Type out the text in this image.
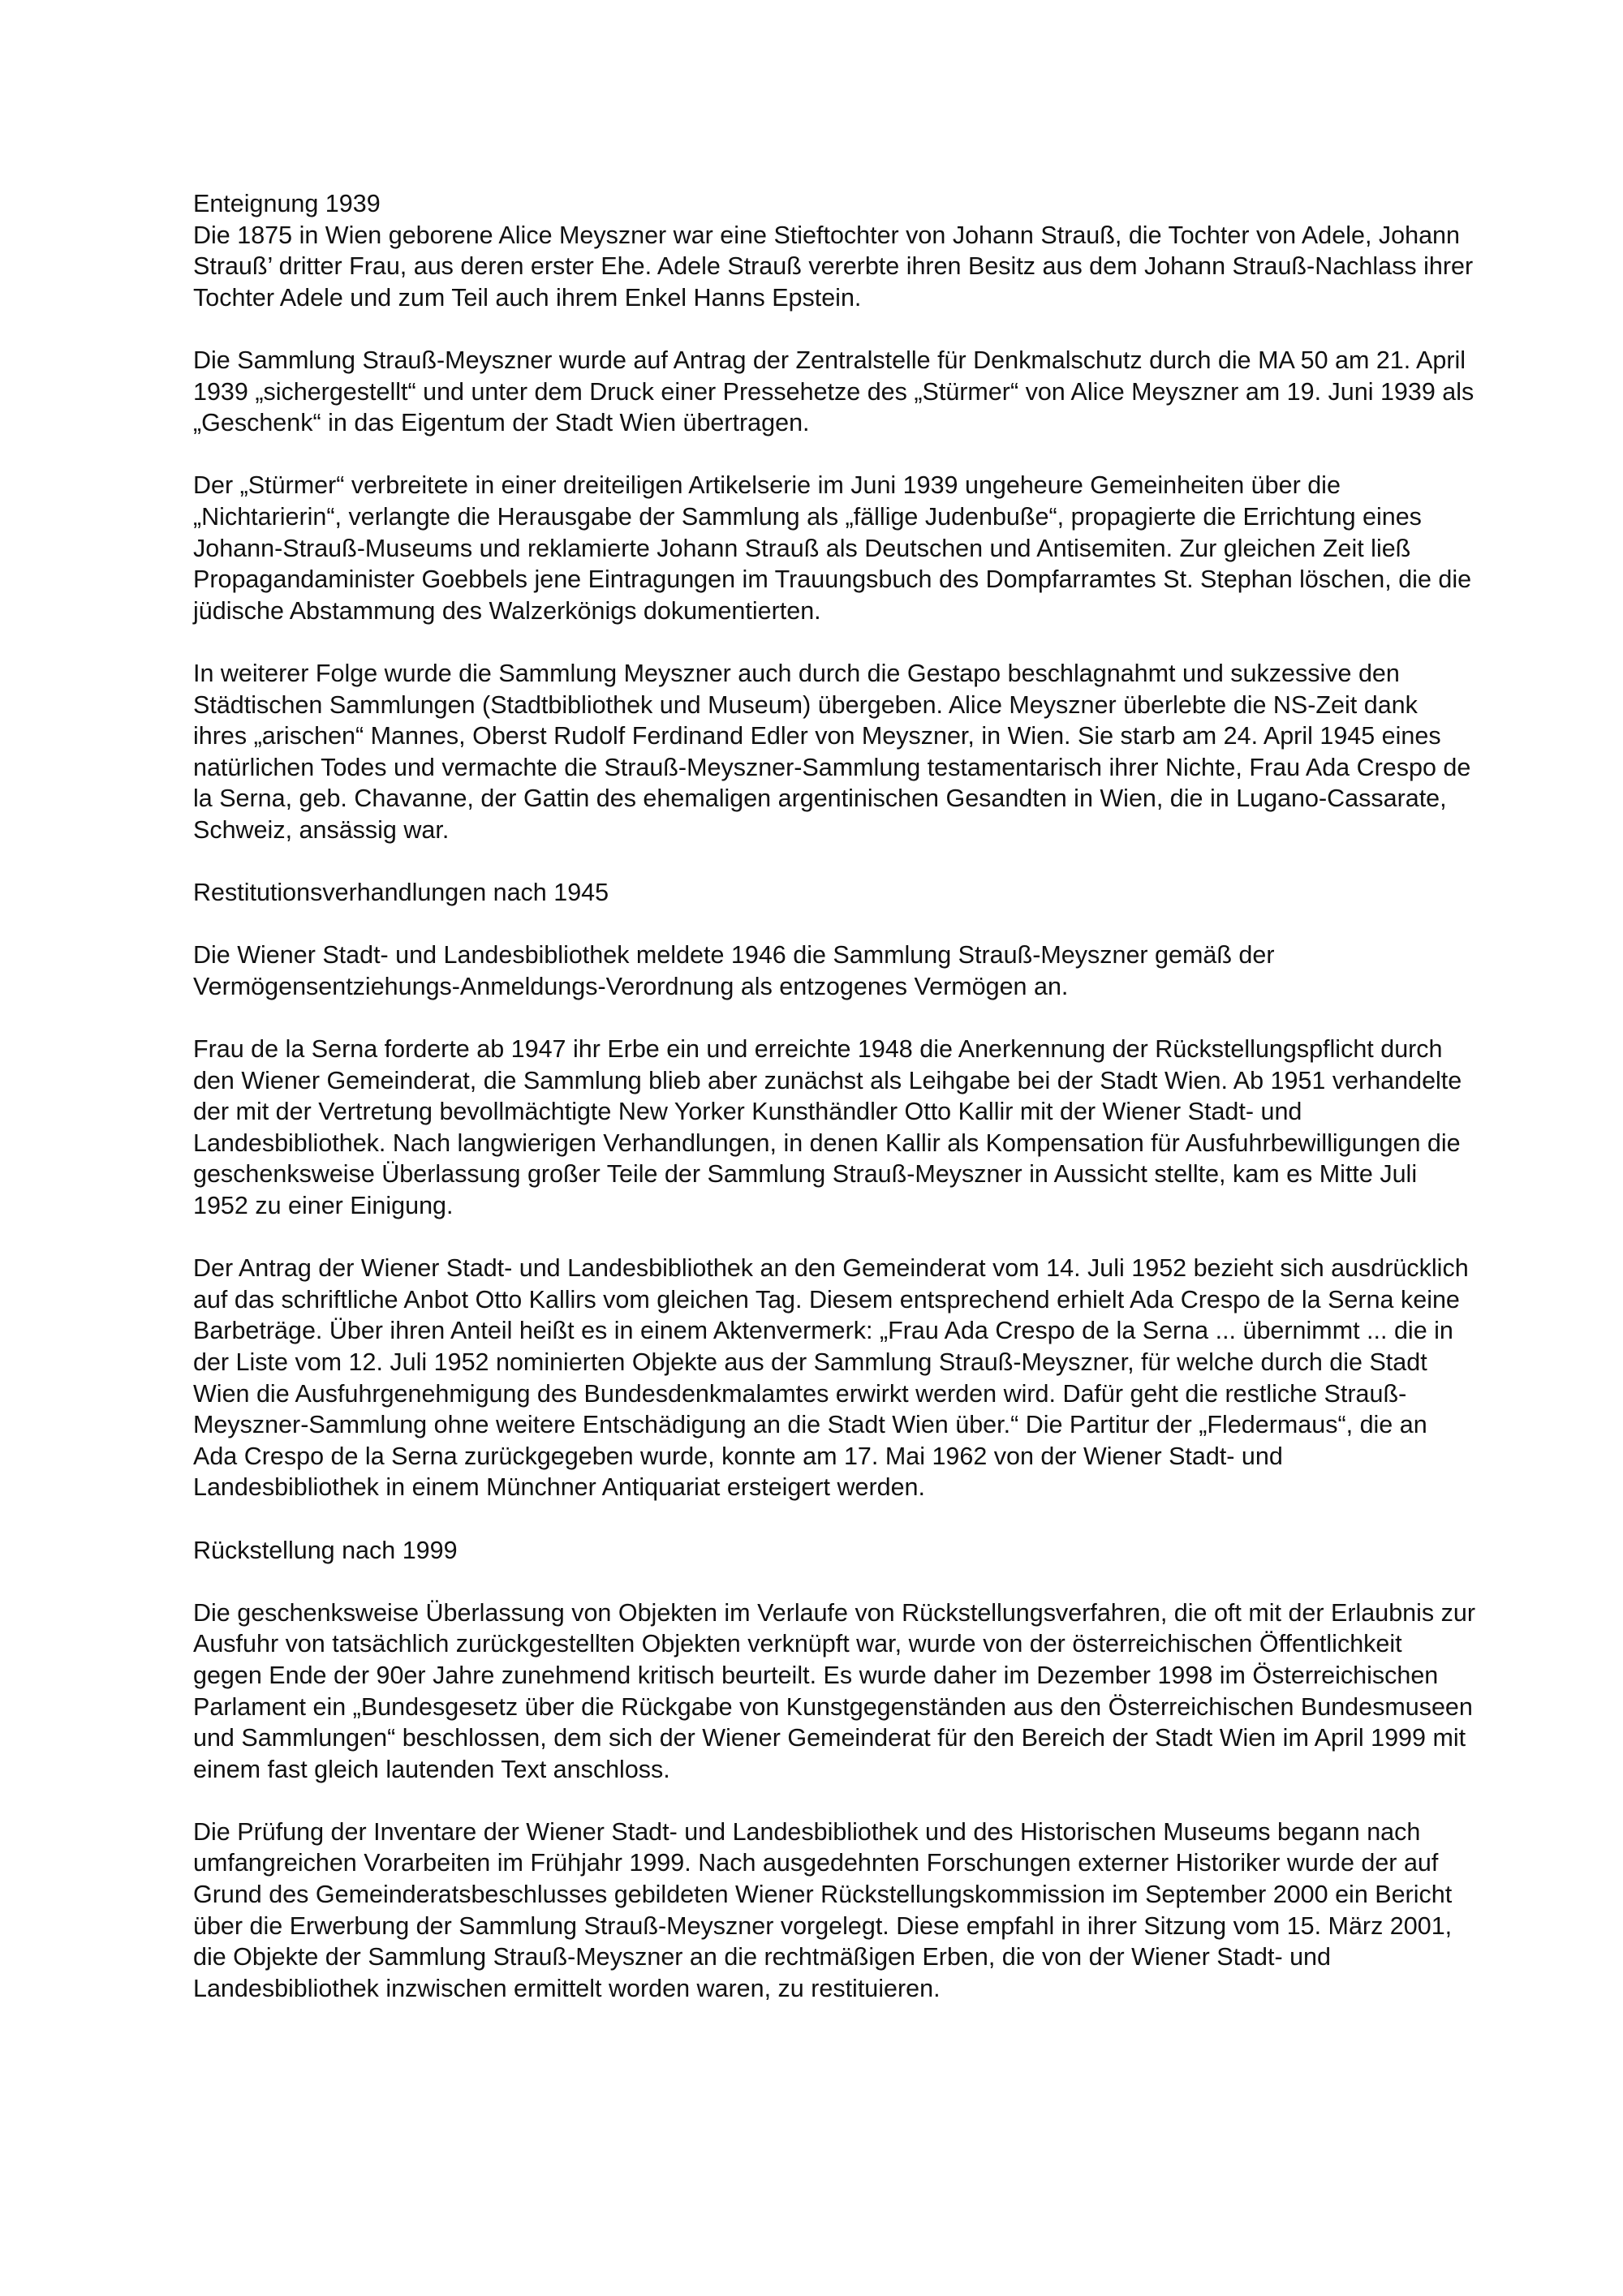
Enteignung 1939

Die 1875 in Wien geborene Alice Meyszner war eine Stieftochter von Johann Strauß, die Tochter von Adele, Johann Strauß’ dritter Frau, aus deren erster Ehe. Adele Strauß vererbte ihren Besitz aus dem Johann Strauß-Nachlass ihrer Tochter Adele und zum Teil auch ihrem Enkel Hanns Epstein.

Die Sammlung Strauß-Meyszner wurde auf Antrag der Zentralstelle für Denkmalschutz durch die MA 50 am 21. April 1939 „sichergestellt“ und unter dem Druck einer Pressehetze des „Stürmer“ von Alice Meyszner am 19. Juni 1939 als „Geschenk“ in das Eigentum der Stadt Wien übertragen.

Der „Stürmer“ verbreitete in einer dreiteiligen Artikelserie im Juni 1939 ungeheure Gemeinheiten über die „Nichtarierin“, verlangte die Herausgabe der Sammlung als „fällige Judenbuße“, propagierte die Errichtung eines Johann-Strauß-Museums und reklamierte Johann Strauß als Deutschen und Antisemiten. Zur gleichen Zeit ließ Propagandaminister Goebbels jene Eintragungen im Trauungsbuch des Dompfarramtes St. Stephan löschen, die die jüdische Abstammung des Walzerkönigs dokumentierten.

In weiterer Folge wurde die Sammlung Meyszner auch durch die Gestapo beschlagnahmt und sukzessive den Städtischen Sammlungen (Stadtbibliothek und Museum) übergeben. Alice Meyszner überlebte die NS-Zeit dank ihres „arischen“ Mannes, Oberst Rudolf Ferdinand Edler von Meyszner, in Wien. Sie starb am 24. April 1945 eines natürlichen Todes und vermachte die Strauß-Meyszner-Sammlung testamentarisch ihrer Nichte, Frau Ada Crespo de la Serna, geb. Chavanne, der Gattin des ehemaligen argentinischen Gesandten in Wien, die in Lugano-Cassarate, Schweiz, ansässig war.

Restitutionsverhandlungen nach 1945

Die Wiener Stadt- und Landesbibliothek meldete 1946 die Sammlung Strauß-Meyszner gemäß der Vermögensentziehungs-Anmeldungs-Verordnung als entzogenes Vermögen an.

Frau de la Serna forderte ab 1947 ihr Erbe ein und erreichte 1948 die Anerkennung der Rückstellungspflicht durch den Wiener Gemeinderat, die Sammlung blieb aber zunächst als Leihgabe bei der Stadt Wien. Ab 1951 verhandelte der mit der Vertretung bevollmächtigte New Yorker Kunsthändler Otto Kallir mit der Wiener Stadt- und Landesbibliothek. Nach langwierigen Verhandlungen, in denen Kallir als Kompensation für Ausfuhrbewilligungen die geschenksweise Überlassung großer Teile der Sammlung Strauß-Meyszner in Aussicht stellte, kam es Mitte Juli 1952 zu einer Einigung.

Der Antrag der Wiener Stadt- und Landesbibliothek an den Gemeinderat vom 14. Juli 1952 bezieht sich ausdrücklich auf das schriftliche Anbot Otto Kallirs vom gleichen Tag. Diesem entsprechend erhielt Ada Crespo de la Serna keine Barbeträge. Über ihren Anteil heißt es in einem Aktenvermerk: „Frau Ada Crespo de la Serna ... übernimmt ... die in der Liste vom 12. Juli 1952 nominierten Objekte aus der Sammlung Strauß-Meyszner, für welche durch die Stadt Wien die Ausfuhrgenehmigung des Bundesdenkmalamtes erwirkt werden wird. Dafür geht die restliche Strauß-Meyszner-Sammlung ohne weitere Entschädigung an die Stadt Wien über.“ Die Partitur der „Fledermaus“, die an Ada Crespo de la Serna zurückgegeben wurde, konnte am 17. Mai 1962 von der Wiener Stadt- und Landesbibliothek in einem Münchner Antiquariat ersteigert werden.

Rückstellung nach 1999

Die geschenksweise Überlassung von Objekten im Verlaufe von Rückstellungsverfahren, die oft mit der Erlaubnis zur Ausfuhr von tatsächlich zurückgestellten Objekten verknüpft war, wurde von der österreichischen Öffentlichkeit gegen Ende der 90er Jahre zunehmend kritisch beurteilt. Es wurde daher im Dezember 1998 im Österreichischen Parlament ein „Bundesgesetz über die Rückgabe von Kunstgegenständen aus den Österreichischen Bundesmuseen und Sammlungen“ beschlossen, dem sich der Wiener Gemeinderat für den Bereich der Stadt Wien im April 1999 mit einem fast gleich lautenden Text anschloss.

Die Prüfung der Inventare der Wiener Stadt- und Landesbibliothek und des Historischen Museums begann nach umfangreichen Vorarbeiten im Frühjahr 1999. Nach ausgedehnten Forschungen externer Historiker wurde der auf Grund des Gemeinderatsbeschlusses gebildeten Wiener Rückstellungskommission im September 2000 ein Bericht über die Erwerbung der Sammlung Strauß-Meyszner vorgelegt. Diese empfahl in ihrer Sitzung vom 15. März 2001, die Objekte der Sammlung Strauß-Meyszner an die rechtmäßigen Erben, die von der Wiener Stadt- und Landesbibliothek inzwischen ermittelt worden waren, zu restituieren.
